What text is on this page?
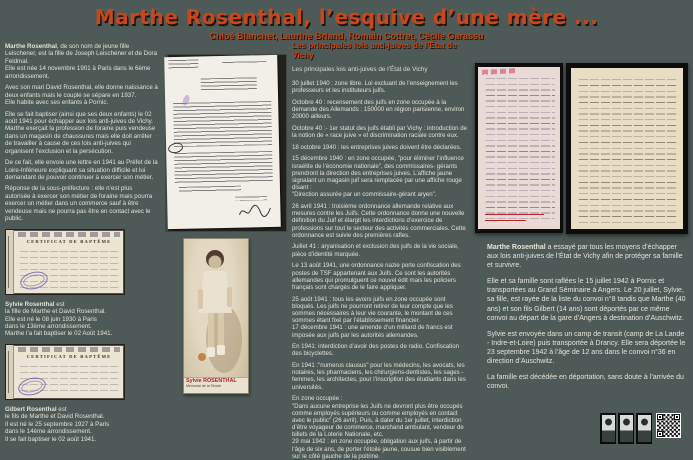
Marthe Rosenthal, l’esquive d’une mère ...
Chloé Blanchet, Laurine Briand, Romain Cottret, Cécile Garassu

Marthe Rosenthal, de son nom de jeune fille Leischener, est la fille de Joseph Leischener et de Dora Feldmal.
Elle est née 14 novembre 1901 à Paris dans le 6ème arrondissement.

Avec son mari David Rosenthal, elle donne naissance à deux enfants mais le couple se sépare en 1937.
Elle habite avec ses enfants à Pornic.

Elle se fait baptiser (ainsi que ses deux enfants) le 02 août 1941 pour échapper aux lois anti-juives de Vichy. Marthe exerçait la profession de foraine puis vendeuse dans un magasin de chaussures mais elle doit arrêter de travailler à cause de ces lois anti-juives qui organisent l’exclusion et la persécution.

De ce fait, elle envoie une lettre en 1941 au Préfet de la Loire-Inférieure expliquant sa situation difficile et lui demandant de pouvoir continuer à exercer son métier.

Réponse de la sous-préfecture : elle n’est plus autorisée à exercer son métier de foraine mais pourra exercer un métier dans un commerce sauf à être vendeuse mais ne pourra pas être en contact avec le public.

CERTIFICAT DE BAPTÊME

Sylvie Rosenthal est
la fille de Marthe et David Rosenthal.
Elle est né le 08 juin 1930 à Paris
dans le 13ème arrondissement.
Marthe l’a fait baptiser le 02 Août 1941.

CERTIFICAT DE BAPTÊME

Gilbert Rosenthal est
le fils de Marthe et David Rosenthal.
Il est né le 25 septembre 1927 à Paris
dans le 14ème arrondissement.
Il se fait baptiser le 02 août 1941.

Sylvie ROSENTHAL
Mémorial de la Shoah
Les principales lois anti-juives de l’État de Vichy
Les principales lois anti-juives de l’État de Vichy

30 juillet 1940 : zone libre. Loi excluant de l’enseignement les professeurs et les instituteurs juifs.

Octobre 40 : recensement des juifs en zone occupée à la demande des Allemands : 150000 en région parisienne, environ 20000 ailleurs.

Octobre 40 :- 1er statut des juifs établi par Vichy : introduction de la notion de « race juive » et discrimination raciale contre eux.

18 octobre 1940 : les entreprises juives doivent être déclarées.

15 décembre 1940 : en zone occupée, "pour éliminer l’influence israélite de l’économie nationale", des commissaires- gérants prendront la direction des entreprises juives. L’affiche jaune signalant un magasin juif sera remplacée par une affiche rouge disant :
"Direction assurée par un commissaire-gérant aryen".

26 avril 1941 : troisième ordonnance allemande relative aux mesures contre les Juifs. Cette ordonnance donne une nouvelle définition du Juif et élargit les interdictions d’exercice de professions sur tout le secteur des activités commerciales. Cette ordonnance est suivie des premières rafles.

Juillet 41 : aryanisation et exclusion des juifs de la vie sociale, pièce d’identité marquée.

Le 13 août 1941, une ordonnance nazie porte confiscation des postes de TSF appartenant aux Juifs. Ce sont les autorités allemandes qui promulguent ce nouvel édit mais les policiers français sont chargés de le faire appliquer.

25 août 1941 : tous les avoirs juifs en zone occupée sont bloqués. Les juifs ne pourront retirer de leur compte que les sommes nécessaires à leur vie courante, le montant de ces sommes étant fixé par l’établissement financier.
17 décembre 1941 : une amende d’un milliard de francs est imposée aux juifs par les autorités allemandes.

En 1941: interdiction d’avoir des postes de radio. Confiscation des bicyclettes.

En 1941 :"numerus clausus" pour les médecins, les avocats, les notaires, les pharmaciens, les chirurgiens-dentistes, les sages -femmes, les architectes, pour l’inscription des étudiants dans les universités.

En zone occupée :
"Dans aucune entreprise les Juifs ne devront plus être occupés comme employés supérieurs ou comme employés en contact avec le public" (26 avril). Puis, à dater du 1er juillet, interdiction d’être voyageur de commerce, marchand ambulant, vendeur de billets de la Loterie Nationale, etc.
29 mai 1942 : en zone occupée, obligation aux juifs, à partir de l’âge de six ans, de porter l’étoile jaune, cousue bien visiblement sur le côté gauche de la poitrine.

Marthe Rosenthal a essayé par tous les moyens d’échapper aux lois anti-juives de l’État de Vichy afin de protéger sa famille et survivre.

Elle et sa famille sont raflées le 15 juillet 1942 à Pornic et transportées au Grand Séminaire à Angers. Le 20 juillet, Sylvie, sa fille, est rayée de la liste du convoi n°8 tandis que Marthe (40 ans) et son fils Gilbert (14 ans) sont déportés par ce même convoi au départ de la gare d’Angers à destination d’Auschwitz.

Sylvie est envoyée dans un camp de transit (camp de La Lande - Indre-et-Loire) puis transportée à Drancy. Elle sera déportée le 23 septembre 1942 à l’âge de 12 ans dans le convoi n°36 en direction d’Auschwitz.

La famille est décédée en déportation, sans doute à l’arrivée du convoi.
